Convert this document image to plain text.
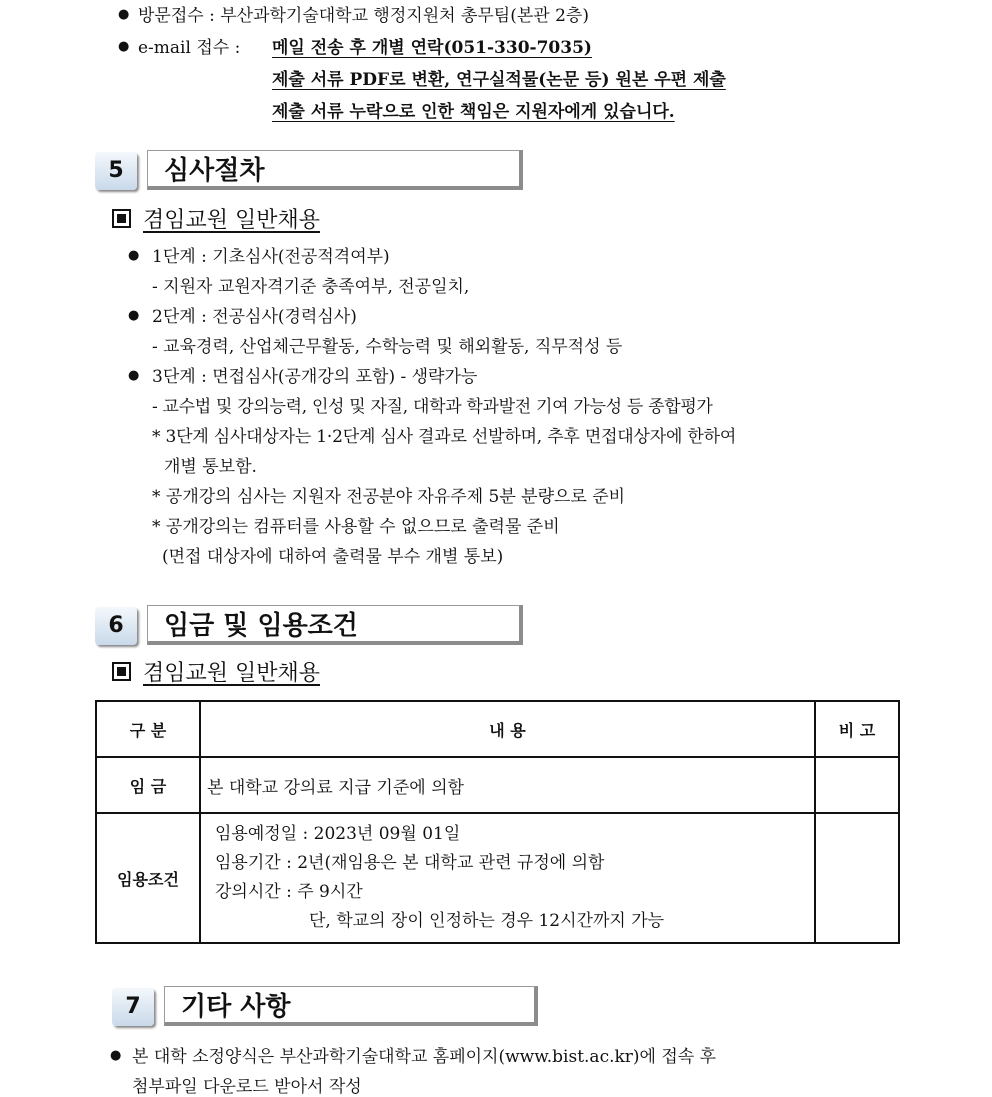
● 방문접수 : 부산과학기술대학교 행정지원처 총무팀(본관 2층)
● e-mail 접수 : 메일 전송 후 개별 연락(051-330-7035)
제출 서류 PDF로 변환, 연구실적물(논문 등) 원본 우편 제출
제출 서류 누락으로 인한 책임은 지원자에게 있습니다.
5	심사절차
겸임교원 일반채용
● 1단계 : 기초심사(전공적격여부)
- 지원자 교원자격기준 충족여부, 전공일치,
● 2단계 : 전공심사(경력심사)
- 교육경력, 산업체근무활동, 수학능력 및 해외활동, 직무적성 등
● 3단계 : 면접심사(공개강의 포함) - 생략가능
- 교수법 및 강의능력, 인성 및 자질, 대학과 학과발전 기여 가능성 등 종합평가
* 3단계 심사대상자는 1·2단계 심사 결과로 선발하며, 추후 면접대상자에 한하여
개별 통보함.
* 공개강의 심사는 지원자 전공분야 자유주제 5분 분량으로 준비
* 공개강의는 컴퓨터를 사용할 수 없으므로 출력물 준비
(면접 대상자에 대하여 출력물 부수 개별 통보)
6	임금 및 임용조건
겸임교원 일반채용
구 분	내 용	비 고
임 금	본 대학교 강의료 지급 기준에 의함	
임용조건	임용예정일 : 2023년 09월 01일
임용기간 : 2년(재임용은 본 대학교 관련 규정에 의함
강의시간 : 주 9시간
단, 학교의 장이 인정하는 경우 12시간까지 가능	

7	기타 사항
● 본 대학 소정양식은 부산과학기술대학교 홈페이지(www.bist.ac.kr)에 접속 후
첨부파일 다운로드 받아서 작성
